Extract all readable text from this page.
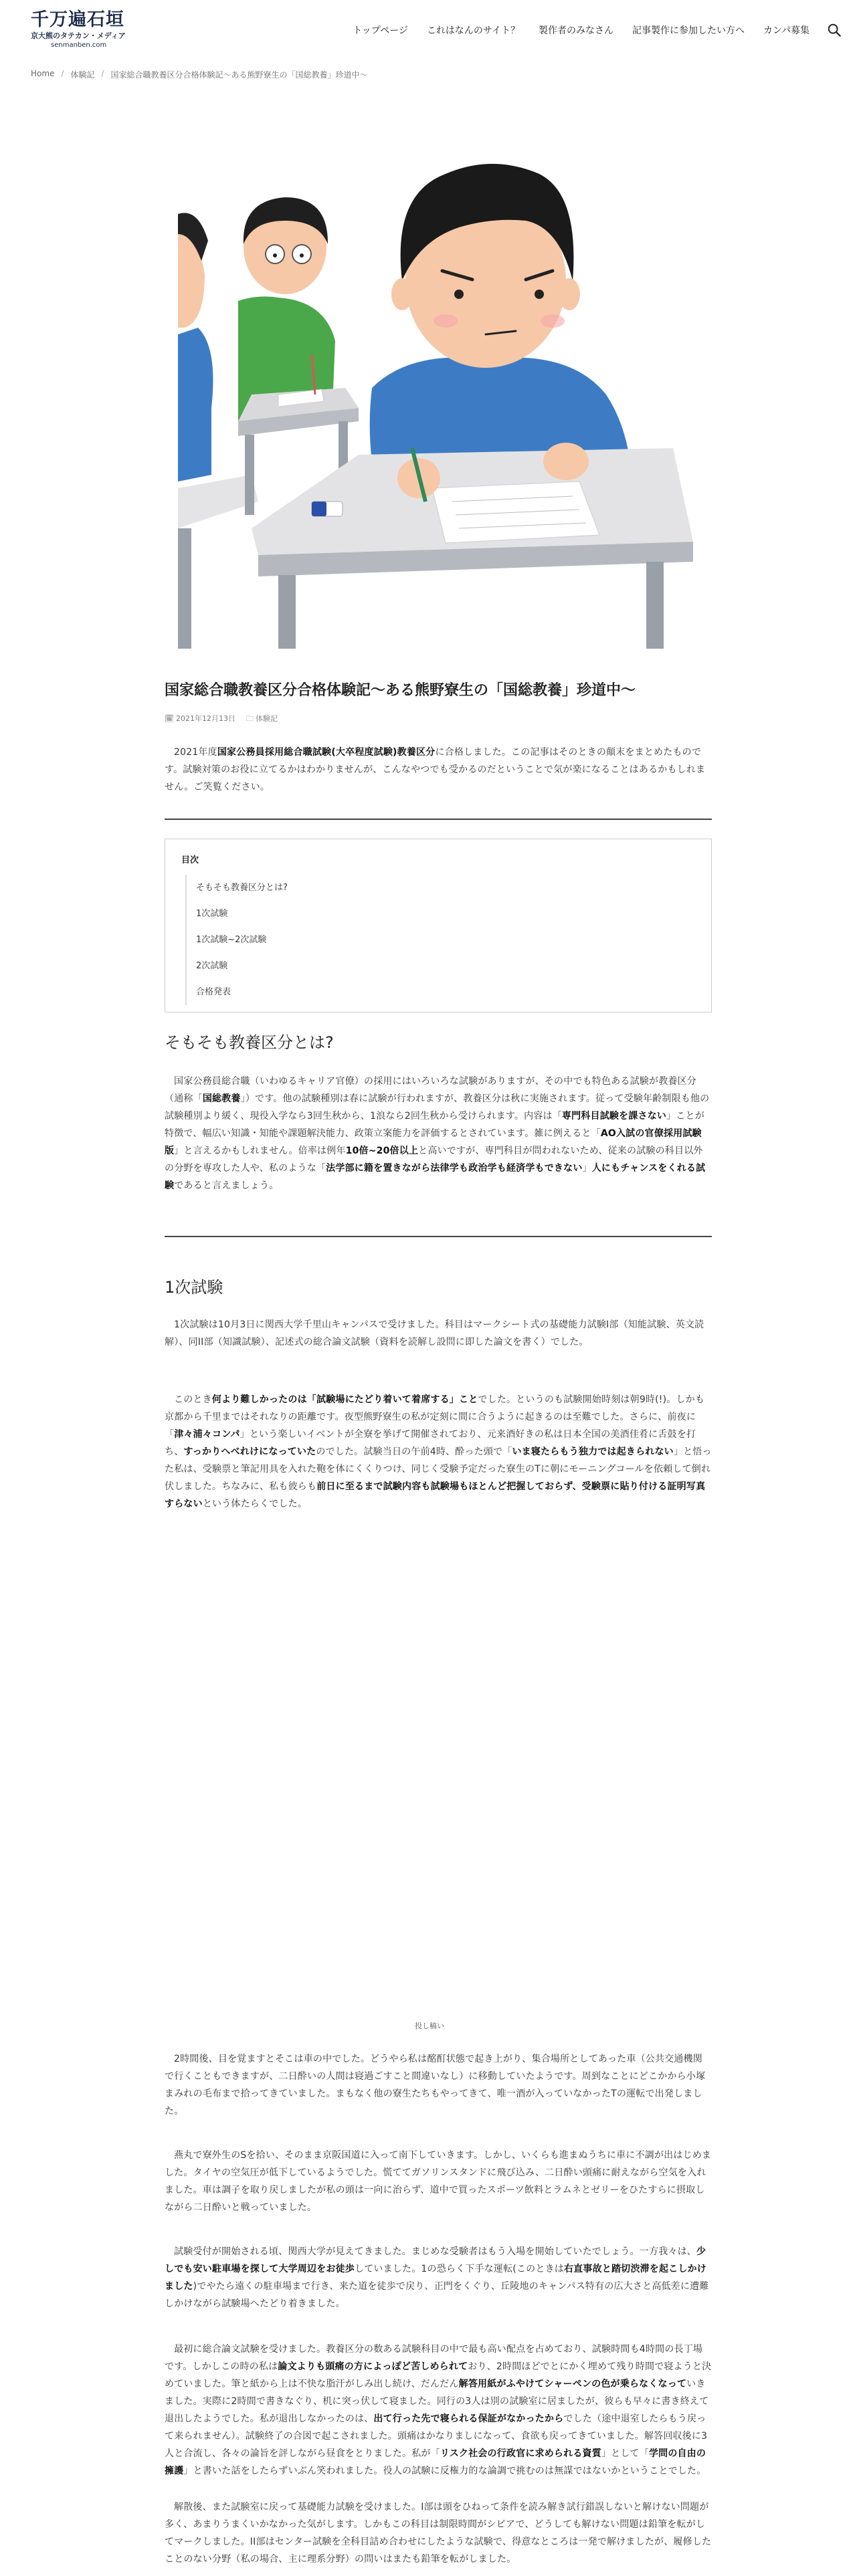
千万遍石垣
京大熊のタテカン・メディア
senmanben.com
トップページ	これはなんのサイト？	製作者のみなさん	記事製作に参加したい方へ	カンパ募集
Home / 体験記 / 国家総合職教養区分合格体験記〜ある熊野寮生の「国総教養」珍道中〜
国家総合職教養区分合格体験記〜ある熊野寮生の「国総教養」珍道中〜
🗓 2021年12月13日 🗀 体験記

2021年度国家公務員採用総合職試験(大卒程度試験)教養区分に合格しました。この記事はそのときの顛末をまとめたものです。試験対策のお役に立てるかはわかりませんが、こんなやつでも受かるのだということで気が楽になることはあるかもしれません。ご笑覧ください。

目次
そもそも教養区分とは?
1次試験
1次試験~2次試験
2次試験
合格発表
そもそも教養区分とは?

国家公務員総合職（いわゆるキャリア官僚）の採用にはいろいろな試験がありますが、その中でも特色ある試験が教養区分（通称「国総教養」）です。他の試験種別は春に試験が行われますが、教養区分は秋に実施されます。従って受験年齢制限も他の試験種別より緩く、現役入学なら3回生秋から、1浪なら2回生秋から受けられます。内容は「専門科目試験を課さない」ことが特徴で、幅広い知識・知能や課題解決能力、政策立案能力を評価するとされています。雑に例えると「AO入試の官僚採用試験版」と言えるかもしれません。倍率は例年10倍~20倍以上と高いですが、専門科目が問われないため、従来の試験の科目以外の分野を専攻した人や、私のような「法学部に籍を置きながら法律学も政治学も経済学もできない」人にもチャンスをくれる試験であると言えましょう。

1次試験

1次試験は10月3日に関西大学千里山キャンパスで受けました。科目はマークシート式の基礎能力試験I部（知能試験、英文読解）、同II部（知識試験）、記述式の総合論文試験（資料を読解し設問に即した論文を書く）でした。

このとき何より難しかったのは「試験場にたどり着いて着席する」ことでした。というのも試験開始時刻は朝9時(!)。しかも京都から千里まではそれなりの距離です。夜型熊野寮生の私が定刻に間に合うように起きるのは至難でした。さらに、前夜に「津々浦々コンパ」という楽しいイベントが全寮を挙げて開催されており、元来酒好きの私は日本全国の美酒佳肴に舌鼓を打ち、すっかりへべれけになっていたのでした。試験当日の午前4時、酔った頭で「いま寝たらもう独力では起きられない」と悟った私は、受験票と筆記用具を入れた鞄を体にくくりつけ、同じく受験予定だった寮生のTに朝にモーニングコールを依頼して倒れ伏しました。ちなみに、私も彼らも前日に至るまで試験内容も試験場もほとんど把握しておらず、受験票に貼り付ける証明写真すらないという体たらくでした。

投し稿い

2時間後、目を覚ますとそこは車の中でした。どうやら私は酩酊状態で起き上がり、集合場所としてあった車（公共交通機関で行くこともできますが、二日酔いの人間は寝過ごすこと間違いなし）に移動していたようです。周到なことにどこかから小塚まみれの毛布まで拾ってきていました。まもなく他の寮生たちもやってきて、唯一酒が入っていなかったTの運転で出発しました。

燕丸で寮外生のSを拾い、そのまま京阪国道に入って南下していきます。しかし、いくらも進まぬうちに車に不調が出はじめました。タイヤの空気圧が低下しているようでした。慌ててガソリンスタンドに飛び込み、二日酔い頭痛に耐えながら空気を入れました。車は調子を取り戻しましたが私の頭は一向に治らず、道中で買ったスポーツ飲料とラムネとゼリーをひたすらに摂取しながら二日酔いと戦っていました。

試験受付が開始される頃、関西大学が見えてきました。まじめな受験者はもう入場を開始していたでしょう。一方我々は、少しでも安い駐車場を探して大学周辺をお徒歩していました。1の恐らく下手な運転(このときは右直事故と踏切渋滞を起こしかけました)でやたら遠くの駐車場まで行き、来た道を徒歩で戻り、正門をくぐり、丘陵地のキャンパス特有の広大さと高低差に遭難しかけながら試験場へたどり着きました。

最初に総合論文試験を受けました。教養区分の数ある試験科目の中で最も高い配点を占めており、試験時間も4時間の長丁場です。しかしこの時の私は論文よりも頭痛の方によっぽど苦しめられており、2時間ほどでとにかく埋めて残り時間で寝ようと決めていました。筆と紙から上は不快な脂汗がしみ出し続け、だんだん解答用紙がふやけてシャーペンの色が乗らなくなっていきました。実際に2時間で書きなぐり、机に突っ伏して寝ました。同行の3人は別の試験室に居ましたが、彼らも早々に書き終えて退出したようでした。私が退出しなかったのは、出て行った先で寝られる保証がなかったからでした（途中退室したらもう戻って来られません）。試験終了の合図で起こされました。頭痛はかなりましになって、食欲も戻ってきていました。解答回収後に3人と合流し、各々の論旨を評しながら昼食をとりました。私が「リスク社会の行政官に求められる資質」として「学問の自由の擁護」と書いた話をしたらずいぶん笑われました。役人の試験に反権力的な論調で挑むのは無謀ではないかということでした。

解散後、また試験室に戻って基礎能力試験を受けました。I部は頭をひねって条件を読み解き試行錯誤しないと解けない問題が多く、あまりうまくいかなかった気がします。しかもこの科目は制限時間がシビアで、どうしても解けない問題は鉛筆を転がしてマークしました。II部はセンター試験を全科目詰め合わせにしたような試験で、得意なところは一発で解けましたが、履修したことのない分野（私の場合、主に理系分野）の問いはまたも鉛筆を転がしました。
